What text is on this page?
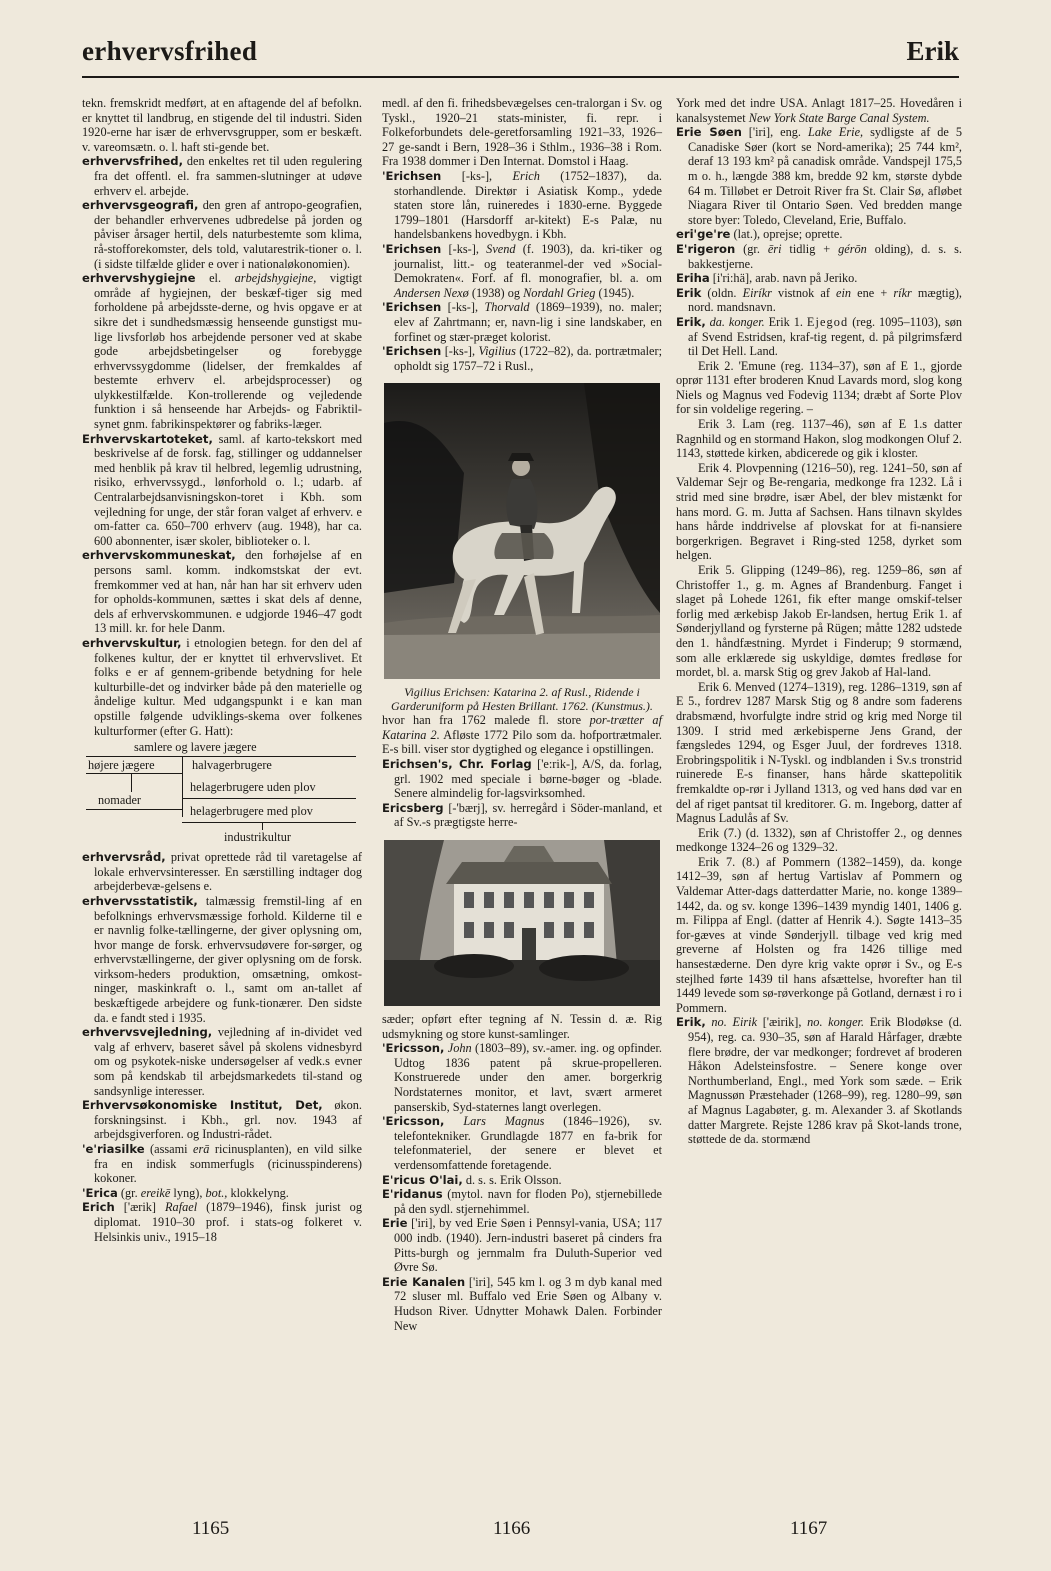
erhvervsfrihed	Erik

tekn. fremskridt medført, at en aftagende del af befolkn. er knyttet til landbrug, en stigende del til industri. Siden 1920-erne har især de erhvervsgrupper, som er beskæft. v. vareomsætn. o. l. haft sti-gende bet.

erhvervsfrihed, den enkeltes ret til uden regulering fra det offentl. el. fra sammen-slutninger at udøve erhverv el. arbejde.

erhvervsgeografi, den gren af antropo-geografien, der behandler erhvervenes udbredelse på jorden og påviser årsager hertil, dels naturbestemte som klima, rå-stofforekomster, dels told, valutarestrik-tioner o. l. (i sidste tilfælde glider e over i nationaløkonomien).

erhvervshygiejne el. arbejdshygiejne, vigtigt område af hygiejnen, der beskæf-tiger sig med forholdene på arbejdsste-derne, og hvis opgave er at sikre det i sundhedsmæssig henseende gunstigst mu-lige livsforløb hos arbejdende personer ved at skabe gode arbejdsbetingelser og forebygge erhvervssygdomme (lidelser, der fremkaldes af bestemte erhverv el. arbejdsprocesser) og ulykkestilfælde. Kon-trollerende og vejledende funktion i så henseende har Arbejds- og Fabriktil-synet gnm. fabrikinspektører og fabriks-læger.

Erhvervskartoteket, saml. af karto-tekskort med beskrivelse af de forsk. fag, stillinger og uddannelser med henblik på krav til helbred, legemlig udrustning, risiko, erhvervssygd., lønforhold o. l.; udarb. af Centralarbejdsanvisningskon-toret i Kbh. som vejledning for unge, der står foran valget af erhverv. e om-fatter ca. 650–700 erhverv (aug. 1948), har ca. 600 abonnenter, især skoler, biblioteker o. l.

erhvervskommuneskat, den forhøjelse af en persons saml. komm. indkomstskat der evt. fremkommer ved at han, når han har sit erhverv uden for opholds-kommunen, sættes i skat dels af denne, dels af erhvervskommunen. e udgjorde 1946–47 godt 13 mill. kr. for hele Danm.

erhvervskultur, i etnologien betegn. for den del af folkenes kultur, der er knyttet til erhvervslivet. Et folks e er af gennem-gribende betydning for hele kulturbille-det og indvirker både på den materielle og åndelige kultur. Med udgangspunkt i e kan man opstille følgende udviklings-skema over folkenes kulturformer (efter G. Hatt):

samlere og lavere jægere
højere jægere	halvagerbrugere
helagerbrugere uden plov
nomader
helagerbrugere med plov
industrikultur

erhvervsråd, privat oprettede råd til varetagelse af lokale erhvervsinteresser. En særstilling indtager dog arbejderbevæ-gelsens e.

erhvervsstatistik, talmæssig fremstil-ling af en befolknings erhvervsmæssige forhold. Kilderne til e er navnlig folke-tællingerne, der giver oplysning om, hvor mange de forsk. erhvervsudøvere for-sørger, og erhvervstællingerne, der giver oplysning om de forsk. virksom-heders produktion, omsætning, omkost-ninger, maskinkraft o. l., samt om an-tallet af beskæftigede arbejdere og funk-tionærer. Den sidste da. e fandt sted i 1935.

erhvervsvejledning, vejledning af in-dividet ved valg af erhverv, baseret såvel på skolens vidnesbyrd om og psykotek-niske undersøgelser af vedk.s evner som på kendskab til arbejdsmarkedets til-stand og sandsynlige interesser.

Erhvervsøkonomiske Institut, Det, økon. forskningsinst. i Kbh., grl. nov. 1943 af arbejdsgiverforen. og Industri-rådet.

'e'riasilke (assami erā ricinusplanten), en vild silke fra en indisk sommerfugls (ricinusspinderens) kokoner.

'Erica (gr. ereikē lyng), bot., klokkelyng.

Erich ['ærik] Rafael (1879–1946), finsk jurist og diplomat. 1910–30 prof. i stats-og folkeret v. Helsinkis univ., 1915–18

medl. af den fi. frihedsbevægelses cen-tralorgan i Sv. og Tyskl., 1920–21 stats-minister, fi. repr. i Folkeforbundets dele-geretforsamling 1921–33, 1926–27 ge-sandt i Bern, 1928–36 i Sthlm., 1936–38 i Rom. Fra 1938 dommer i Den Internat. Domstol i Haag.

'Erichsen [-ks-], Erich (1752–1837), da. storhandlende. Direktør i Asiatisk Komp., ydede staten store lån, ruineredes i 1830-erne. Byggede 1799–1801 (Harsdorff ar-kitekt) E-s Palæ, nu handelsbankens hovedbygn. i Kbh.

'Erichsen [-ks-], Svend (f. 1903), da. kri-tiker og journalist, litt.- og teateranmel-der ved »Social-Demokraten«. Forf. af fl. monografier, bl. a. om Andersen Nexø (1938) og Nordahl Grieg (1945).

'Erichsen [-ks-], Thorvald (1869–1939), no. maler; elev af Zahrtmann; er, navn-lig i sine landskaber, en forfinet og stær-præget kolorist.

'Erichsen [-ks-], Vigilius (1722–82), da. portrætmaler; opholdt sig 1757–72 i Rusl.,

Vigilius Erichsen: Katarina 2. af Rusl., Ridende i Garderuniform på Hesten Brillant. 1762. (Kunstmus.).

hvor han fra 1762 malede fl. store por-trætter af Katarina 2. Afløste 1772 Pilo som da. hofportrætmaler. E-s bill. viser stor dygtighed og elegance i opstillingen.

Erichsen's, Chr. Forlag ['e:rik-], A/S, da. forlag, grl. 1902 med speciale i børne-bøger og -blade. Senere almindelig for-lagsvirksomhed.

Ericsberg [-'bærj], sv. herregård i Söder-manland, et af Sv.-s prægtigste herre-

sæder; opført efter tegning af N. Tessin d. æ. Rig udsmykning og store kunst-samlinger.

'Ericsson, John (1803–89), sv.-amer. ing. og opfinder. Udtog 1836 patent på skrue-propelleren. Konstruerede under den amer. borgerkrig Nordstaternes monitor, et lavt, svært armeret panserskib, Syd-staternes langt overlegen.

'Ericsson, Lars Magnus (1846–1926), sv. telefontekniker. Grundlagde 1877 en fa-brik for telefonmateriel, der senere er blevet et verdensomfattende foretagende.

E'ricus O'lai, d. s. s. Erik Olsson.

E'ridanus (mytol. navn for floden Po), stjernebillede på den sydl. stjernehimmel.

Erie ['iri], by ved Erie Søen i Pennsyl-vania, USA; 117 000 indb. (1940). Jern-industri baseret på cinders fra Pitts-burgh og jernmalm fra Duluth-Superior ved Øvre Sø.

Erie Kanalen ['iri], 545 km l. og 3 m dyb kanal med 72 sluser ml. Buffalo ved Erie Søen og Albany v. Hudson River. Udnytter Mohawk Dalen. Forbinder New

York med det indre USA. Anlagt 1817–25. Hovedåren i kanalsystemet New York State Barge Canal System.

Erie Søen ['iri], eng. Lake Erie, sydligste af de 5 Canadiske Søer (kort se Nord-amerika); 25 744 km², deraf 13 193 km² på canadisk område. Vandspejl 175,5 m o. h., længde 388 km, bredde 92 km, største dybde 64 m. Tilløbet er Detroit River fra St. Clair Sø, afløbet Niagara River til Ontario Søen. Ved bredden mange store byer: Toledo, Cleveland, Erie, Buffalo.

eri'ge're (lat.), oprejse; oprette.

E'rigeron (gr. ēri tidlig + gérōn olding), d. s. s. bakkestjerne.

Eriha [i'ri:hä], arab. navn på Jeriko.

Erik (oldn. Eiríkr vistnok af ein ene + ríkr mægtig), nord. mandsnavn.

Erik, da. konger. Erik 1. Ejegod (reg. 1095–1103), søn af Svend Estridsen, kraf-tig regent, d. på pilgrimsfærd til Det Hell. Land.

Erik 2. 'Emune (reg. 1134–37), søn af E 1., gjorde oprør 1131 efter broderen Knud Lavards mord, slog kong Niels og Magnus ved Fodevig 1134; dræbt af Sorte Plov for sin voldelige regering. –

Erik 3. Lam (reg. 1137–46), søn af E 1.s datter Ragnhild og en stormand Hakon, slog modkongen Oluf 2. 1143, støttede kirken, abdicerede og gik i kloster.

Erik 4. Plovpenning (1216–50), reg. 1241–50, søn af Valdemar Sejr og Be-rengaria, medkonge fra 1232. Lå i strid med sine brødre, især Abel, der blev mistænkt for hans mord. G. m. Jutta af Sachsen. Hans tilnavn skyldes hans hårde inddrivelse af plovskat for at fi-nansiere borgerkrigen. Begravet i Ring-sted 1258, dyrket som helgen.

Erik 5. Glipping (1249–86), reg. 1259–86, søn af Christoffer 1., g. m. Agnes af Brandenburg. Fanget i slaget på Lohede 1261, fik efter mange omskif-telser forlig med ærkebisp Jakob Er-landsen, hertug Erik 1. af Sønderjylland og fyrsterne på Rügen; måtte 1282 udstede den 1. håndfæstning. Myrdet i Finderup; 9 stormænd, som alle erklærede sig uskyldige, dømtes fredløse for mordet, bl. a. marsk Stig og grev Jakob af Hal-land.

Erik 6. Menved (1274–1319), reg. 1286–1319, søn af E 5., fordrev 1287 Marsk Stig og 8 andre som faderens drabsmænd, hvorfulgte indre strid og krig med Norge til 1309. I strid med ærkebisperne Jens Grand, der fængsledes 1294, og Esger Juul, der fordreves 1318. Erobringspolitik i N-Tyskl. og indblanden i Sv.s tronstrid ruinerede E-s finanser, hans hårde skattepolitik fremkaldte op-rør i Jylland 1313, og ved hans død var en del af riget pantsat til kreditorer. G. m. Ingeborg, datter af Magnus Ladulås af Sv.

Erik (7.) (d. 1332), søn af Christoffer 2., og dennes medkonge 1324–26 og 1329–32.

Erik 7. (8.) af Pommern (1382–1459), da. konge 1412–39, søn af hertug Vartislav af Pommern og Valdemar Atter-dags datterdatter Marie, no. konge 1389–1442, da. og sv. konge 1396–1439 myndig 1401, 1406 g. m. Filippa af Engl. (datter af Henrik 4.). Søgte 1413–35 for-gæves at vinde Sønderjyll. tilbage ved krig med greverne af Holsten og fra 1426 tillige med hansestæderne. Den dyre krig vakte oprør i Sv., og E-s stejlhed førte 1439 til hans afsættelse, hvorefter han til 1449 levede som sø-røverkonge på Gotland, dernæst i ro i Pommern.

Erik, no. Eirik ['æirik], no. konger. Erik Blodøkse (d. 954), reg. ca. 930–35, søn af Harald Hårfager, dræbte flere brødre, der var medkonger; fordrevet af broderen Håkon Adelsteinsfostre. – Senere konge over Northumberland, Engl., med York som sæde. – Erik Magnussøn Præstehader (1268–99), reg. 1280–99, søn af Magnus Lagabøter, g. m. Alexander 3. af Skotlands datter Margrete. Rejste 1286 krav på Skot-lands trone, støttede de da. stormænd

1165	1166	1167
